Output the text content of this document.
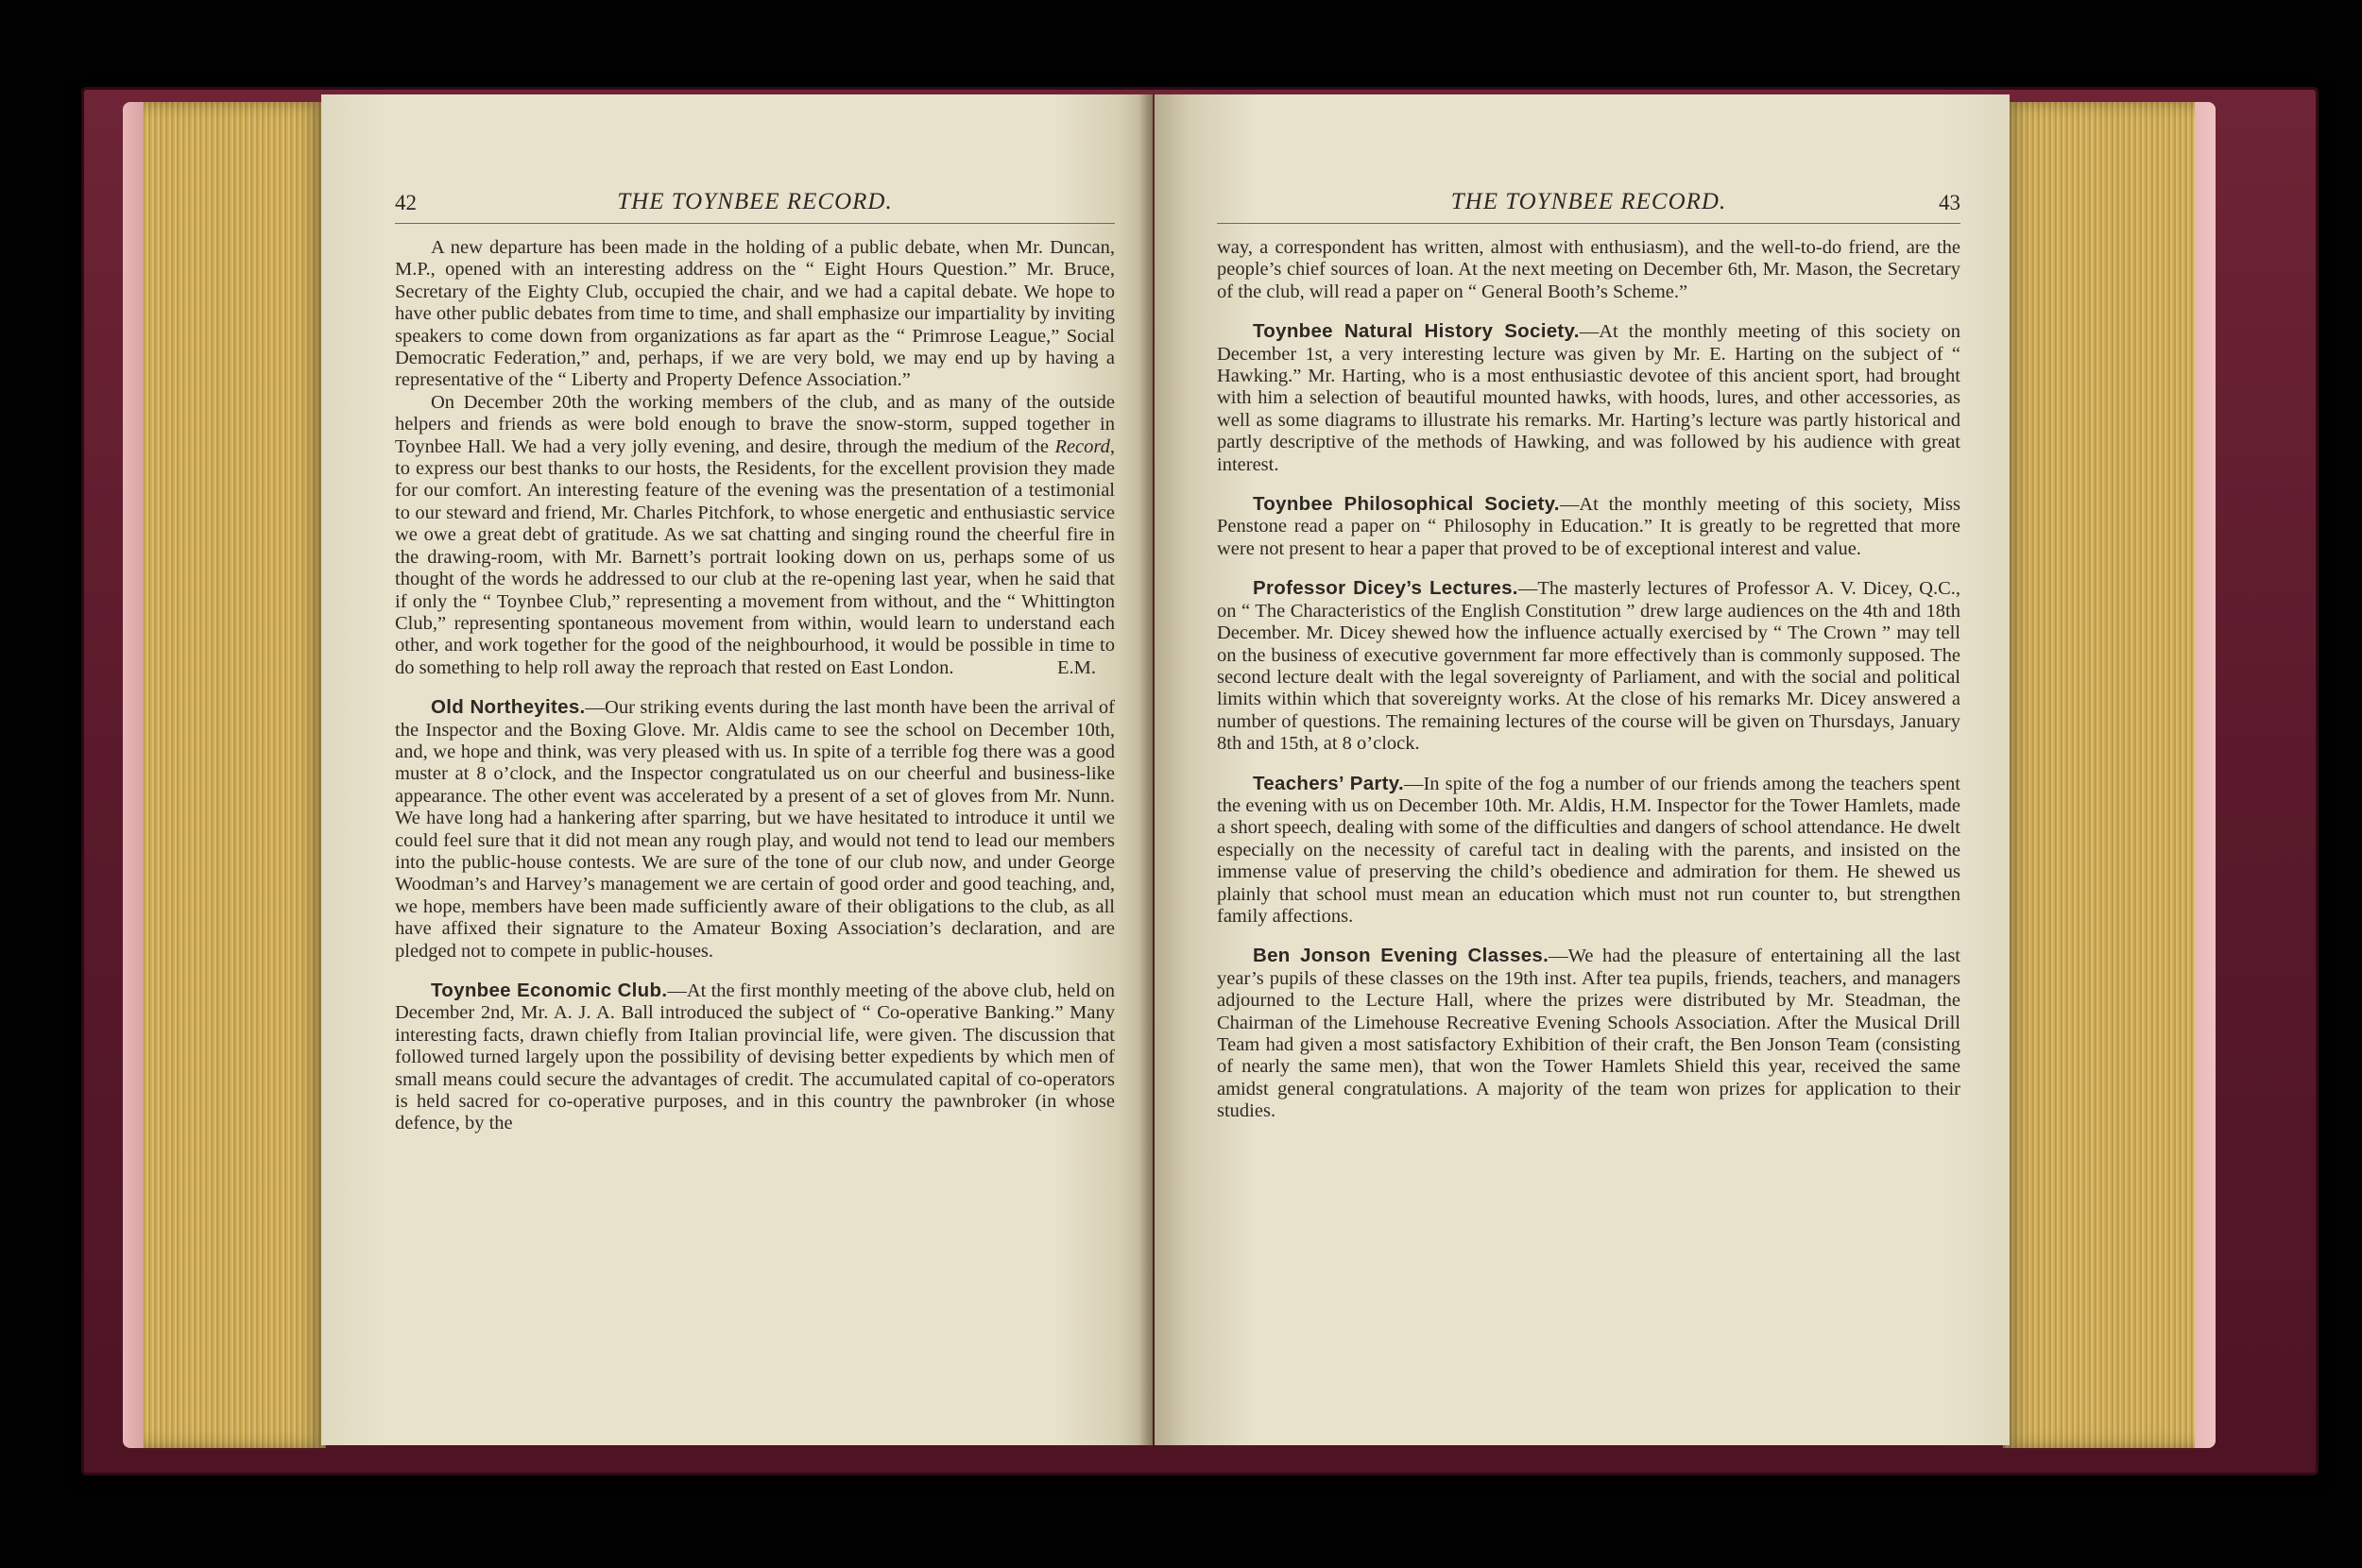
42	THE TOYNBEE RECORD.

A new departure has been made in the holding of a public debate, when Mr. Duncan, M.P., opened with an interesting address on the “ Eight Hours Question.” Mr. Bruce, Secretary of the Eighty Club, occupied the chair, and we had a capital debate. We hope to have other public debates from time to time, and shall emphasize our impartiality by inviting speakers to come down from organizations as far apart as the “ Primrose League,” Social Democratic Federation,” and, perhaps, if we are very bold, we may end up by having a representative of the “ Liberty and Property Defence Association.”

On December 20th the working members of the club, and as many of the outside helpers and friends as were bold enough to brave the snow-storm, supped together in Toynbee Hall. We had a very jolly evening, and desire, through the medium of the Record, to express our best thanks to our hosts, the Residents, for the excellent provision they made for our comfort. An interesting feature of the evening was the presentation of a testimonial to our steward and friend, Mr. Charles Pitchfork, to whose energetic and enthusiastic service we owe a great debt of gratitude. As we sat chatting and singing round the cheerful fire in the drawing-room, with Mr. Barnett’s portrait looking down on us, perhaps some of us thought of the words he addressed to our club at the re-opening last year, when he said that if only the “ Toynbee Club,” representing a movement from without, and the “ Whittington Club,” representing spontaneous movement from within, would learn to understand each other, and work together for the good of the neighbourhood, it would be possible in time to do something to help roll away the reproach that rested on East London.	E.M.

Old Northeyites.—Our striking events during the last month have been the arrival of the Inspector and the Boxing Glove. Mr. Aldis came to see the school on December 10th, and, we hope and think, was very pleased with us. In spite of a terrible fog there was a good muster at 8 o’clock, and the Inspector congratulated us on our cheerful and business-like appearance. The other event was accelerated by a present of a set of gloves from Mr. Nunn. We have long had a hankering after sparring, but we have hesitated to introduce it until we could feel sure that it did not mean any rough play, and would not tend to lead our members into the public-house contests. We are sure of the tone of our club now, and under George Woodman’s and Harvey’s management we are certain of good order and good teaching, and, we hope, members have been made sufficiently aware of their obligations to the club, as all have affixed their signature to the Amateur Boxing Association’s declaration, and are pledged not to compete in public-houses.

Toynbee Economic Club.—At the first monthly meeting of the above club, held on December 2nd, Mr. A. J. A. Ball introduced the subject of “ Co-operative Banking.” Many interesting facts, drawn chiefly from Italian provincial life, were given. The discussion that followed turned largely upon the possibility of devising better expedients by which men of small means could secure the advantages of credit. The accumulated capital of co-operators is held sacred for co-operative purposes, and in this country the pawnbroker (in whose defence, by the

THE TOYNBEE RECORD.	43

way, a correspondent has written, almost with enthusiasm), and the well-to-do friend, are the people’s chief sources of loan. At the next meeting on December 6th, Mr. Mason, the Secretary of the club, will read a paper on “ General Booth’s Scheme.”

Toynbee Natural History Society.—At the monthly meeting of this society on December 1st, a very interesting lecture was given by Mr. E. Harting on the subject of “ Hawking.” Mr. Harting, who is a most enthusiastic devotee of this ancient sport, had brought with him a selection of beautiful mounted hawks, with hoods, lures, and other accessories, as well as some diagrams to illustrate his remarks. Mr. Harting’s lecture was partly historical and partly descriptive of the methods of Hawking, and was followed by his audience with great interest.

Toynbee Philosophical Society.—At the monthly meeting of this society, Miss Penstone read a paper on “ Philosophy in Education.” It is greatly to be regretted that more were not present to hear a paper that proved to be of exceptional interest and value.

Professor Dicey’s Lectures.—The masterly lectures of Professor A. V. Dicey, Q.C., on “ The Characteristics of the English Constitution ” drew large audiences on the 4th and 18th December. Mr. Dicey shewed how the influence actually exercised by “ The Crown ” may tell on the business of executive government far more effectively than is commonly supposed. The second lecture dealt with the legal sovereignty of Parliament, and with the social and political limits within which that sovereignty works. At the close of his remarks Mr. Dicey answered a number of questions. The remaining lectures of the course will be given on Thursdays, January 8th and 15th, at 8 o’clock.

Teachers’ Party.—In spite of the fog a number of our friends among the teachers spent the evening with us on December 10th. Mr. Aldis, H.M. Inspector for the Tower Hamlets, made a short speech, dealing with some of the difficulties and dangers of school attendance. He dwelt especially on the necessity of careful tact in dealing with the parents, and insisted on the immense value of preserving the child’s obedience and admiration for them. He shewed us plainly that school must mean an education which must not run counter to, but strengthen family affections.

Ben Jonson Evening Classes.—We had the pleasure of entertaining all the last year’s pupils of these classes on the 19th inst. After tea pupils, friends, teachers, and managers adjourned to the Lecture Hall, where the prizes were distributed by Mr. Steadman, the Chairman of the Limehouse Recreative Evening Schools Association. After the Musical Drill Team had given a most satisfactory Exhibition of their craft, the Ben Jonson Team (consisting of nearly the same men), that won the Tower Hamlets Shield this year, received the same amidst general congratulations. A majority of the team won prizes for application to their studies.
